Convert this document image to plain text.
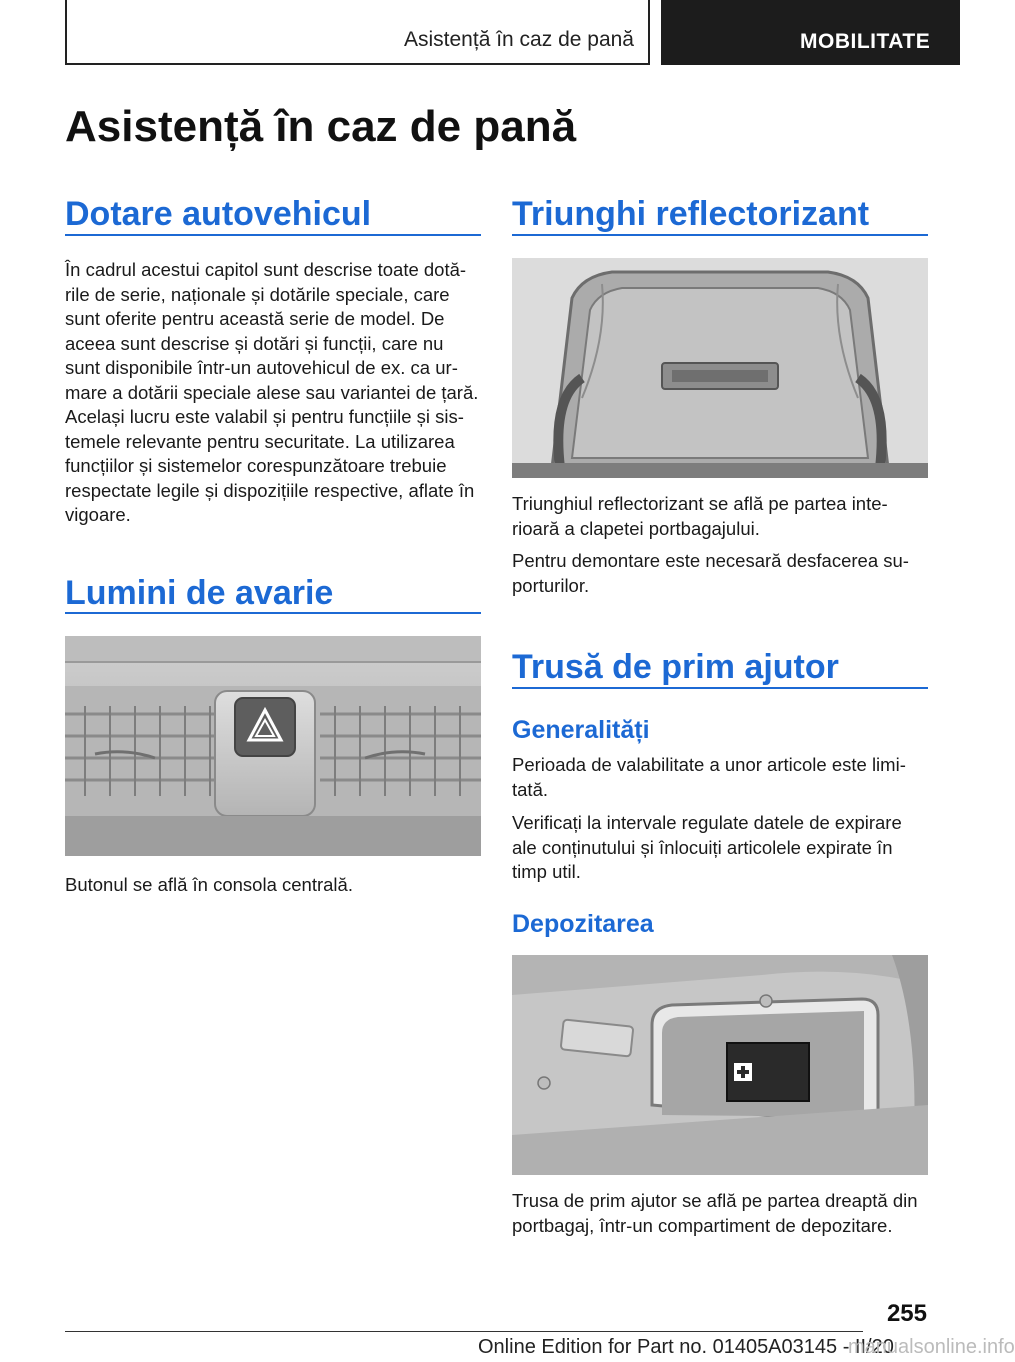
Asistență în caz de pană	MOBILITATE
Asistență în caz de pană
Dotare autovehicul

În cadrul acestui capitol sunt descrise toate dotările de serie, naționale și dotările speciale, care sunt oferite pentru această serie de model. De aceea sunt descrise și dotări și funcții, care nu sunt disponibile într-un autovehicul de ex. ca urmare a dotării speciale alese sau variantei de țară. Același lucru este valabil și pentru funcțiile și sistemele relevante pentru securitate. La utilizarea funcțiilor și sistemelor corespunzătoare trebuie respectate legile și dispozițiile respective, aflate în vigoare.

Lumini de avarie

Butonul se află în consola centrală.

Triunghi reflectorizant

Triunghiul reflectorizant se află pe partea interioară a clapetei portbagajului.

Pentru demontare este necesară desfacerea suporturilor.

Trusă de prim ajutor
Generalități

Perioada de valabilitate a unor articole este limitată.

Verificați la intervale regulate datele de expirare ale conținutului și înlocuiți articolele expirate în timp util.

Depozitarea

Trusa de prim ajutor se află pe partea dreaptă din portbagaj, într-un compartiment de depozitare.

255
Online Edition for Part no. 01405A03145 - II/20
manualsonline.info
